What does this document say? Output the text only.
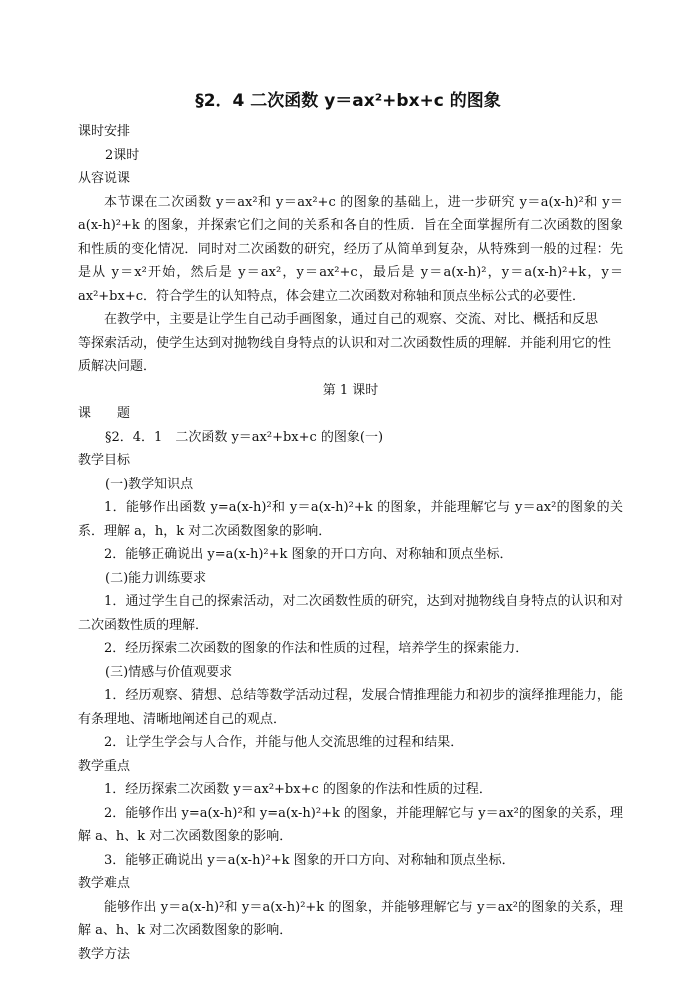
§2．4 二次函数 y＝ax²+bx+c 的图象

课时安排

2课时

从容说课

本节课在二次函数 y＝ax²和 y＝ax²+c 的图象的基础上，进一步研究 y＝a(x-h)²和 y＝a(x-h)²+k 的图象，并探索它们之间的关系和各自的性质．旨在全面掌握所有二次函数的图象和性质的变化情况．同时对二次函数的研究，经历了从简单到复杂，从特殊到一般的过程：先是从 y＝x²开始，然后是 y＝ax²，y＝ax²+c，最后是 y＝a(x-h)²，y＝a(x-h)²+k，y＝ax²+bx+c．符合学生的认知特点，体会建立二次函数对称轴和顶点坐标公式的必要性．

在教学中，主要是让学生自己动手画图象，通过自己的观察、交流、对比、概括和反思

等探索活动，使学生达到对抛物线自身特点的认识和对二次函数性质的理解．并能利用它的性质解决问题．

第 1 课时

课　　题

§2．4．1　二次函数 y＝ax²+bx+c 的图象(一)

教学目标

(一)教学知识点

1．能够作出函数 y=a(x-h)²和 y＝a(x-h)²+k 的图象，并能理解它与 y＝ax²的图象的关系．理解 a，h，k 对二次函数图象的影响．

2．能够正确说出 y=a(x-h)²+k 图象的开口方向、对称轴和顶点坐标．

(二)能力训练要求

1．通过学生自己的探索活动，对二次函数性质的研究，达到对抛物线自身特点的认识和对二次函数性质的理解．

2．经历探索二次函数的图象的作法和性质的过程，培养学生的探索能力．

(三)情感与价值观要求

1．经历观察、猜想、总结等数学活动过程，发展合情推理能力和初步的演绎推理能力，能有条理地、清晰地阐述自己的观点．

2．让学生学会与人合作，并能与他人交流思维的过程和结果．

教学重点

1．经历探索二次函数 y＝ax²+bx+c 的图象的作法和性质的过程．

2．能够作出 y=a(x-h)²和 y=a(x-h)²+k 的图象，并能理解它与 y＝ax²的图象的关系，理解 a、h、k 对二次函数图象的影响．

3．能够正确说出 y＝a(x-h)²+k 图象的开口方向、对称轴和顶点坐标．

教学难点

能够作出 y＝a(x-h)²和 y＝a(x-h)²+k 的图象，并能够理解它与 y＝ax²的图象的关系，理解 a、h、k 对二次函数图象的影响．

教学方法
